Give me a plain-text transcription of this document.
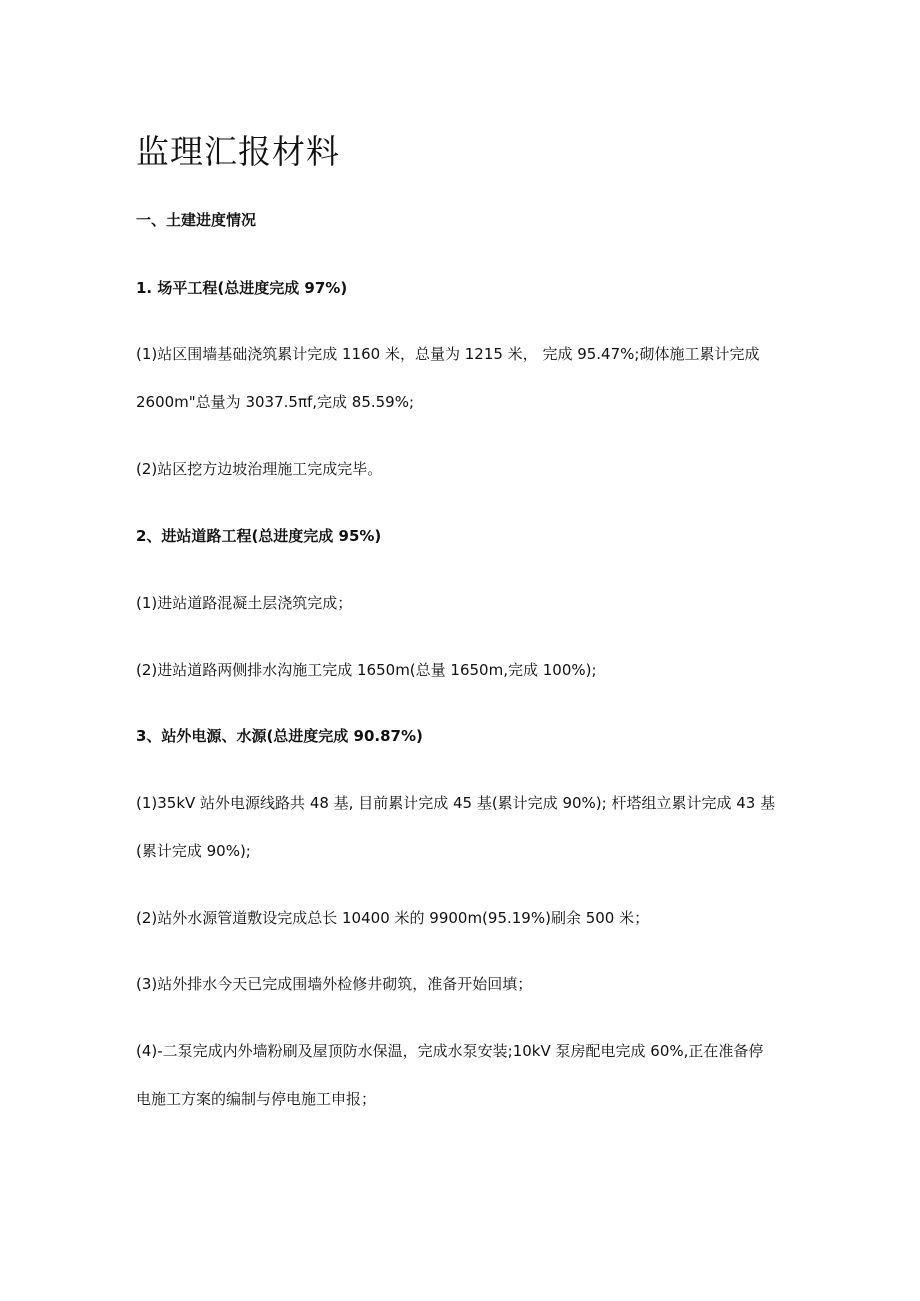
监理汇报材料

一、土建进度情况

1. 场平工程(总进度完成 97%)

(1)站区围墙基础浇筑累计完成 1160 米，总量为 1215 米， 完成 95.47%;砌体施工累计完成

2600m"总量为 3037.5πf,完成 85.59%;

(2)站区挖方边坡治理施工完成完毕。

2、进站道路工程(总进度完成 95%)

(1)进站道路混凝土层浇筑完成；

(2)进站道路两侧排水沟施工完成 1650m(总量 1650m,完成 100%);

3、站外电源、水源(总进度完成 90.87%)

(1)35kV 站外电源线路共 48 基, 目前累计完成 45 基(累计完成 90%); 杆塔组立累计完成 43 基

(累计完成 90%);

(2)站外水源管道敷设完成总长 10400 米的 9900m(95.19%)刷余 500 米；

(3)站外排水今天已完成围墙外检修井砌筑，准备开始回填；

(4)-二泵完成内外墙粉刷及屋顶防水保温，完成水泵安装;10kV 泵房配电完成 60%,正在准备停

电施工方案的编制与停电施工申报；
